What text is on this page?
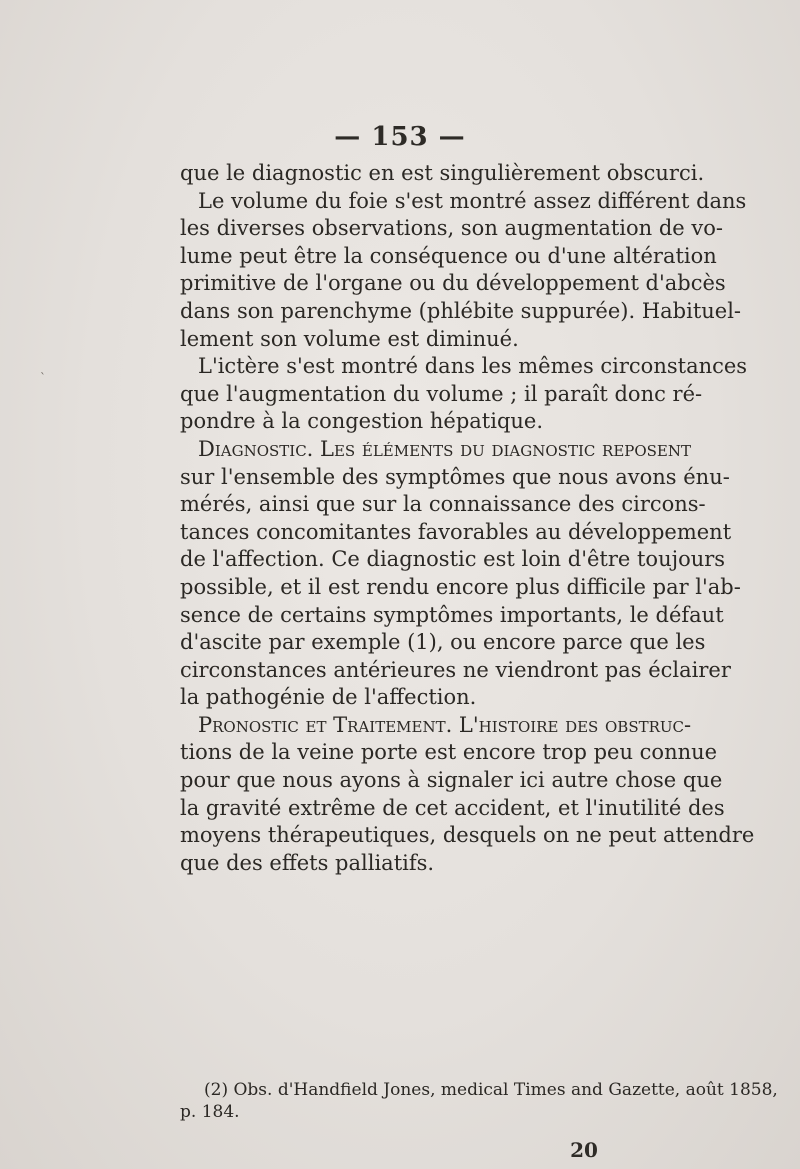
— 153 —
`
que le diagnostic en est singulièrement obscurci.
Le volume du foie s'est montré assez différent dans
les diverses observations, son augmentation de vo-
lume peut être la conséquence ou d'une altération
primitive de l'organe ou du développement d'abcès
dans son parenchyme (phlébite suppurée). Habituel-
lement son volume est diminué.
L'ictère s'est montré dans les mêmes circonstances
que l'augmentation du volume ; il paraît donc ré-
pondre à la congestion hépatique.
Diagnostic. Les éléments du diagnostic reposent
sur l'ensemble des symptômes que nous avons énu-
mérés, ainsi que sur la connaissance des circons-
tances concomitantes favorables au développement
de l'affection. Ce diagnostic est loin d'être toujours
possible, et il est rendu encore plus difficile par l'ab-
sence de certains symptômes importants, le défaut
d'ascite par exemple (1), ou encore parce que les
circonstances antérieures ne viendront pas éclairer
la pathogénie de l'affection.
Pronostic et Traitement. L'histoire des obstruc-
tions de la veine porte est encore trop peu connue
pour que nous ayons à signaler ici autre chose que
la gravité extrême de cet accident, et l'inutilité des
moyens thérapeutiques, desquels on ne peut attendre
que des effets palliatifs.
(2) Obs. d'Handfield Jones, medical Times and Gazette, août 1858,
p. 184.
20
